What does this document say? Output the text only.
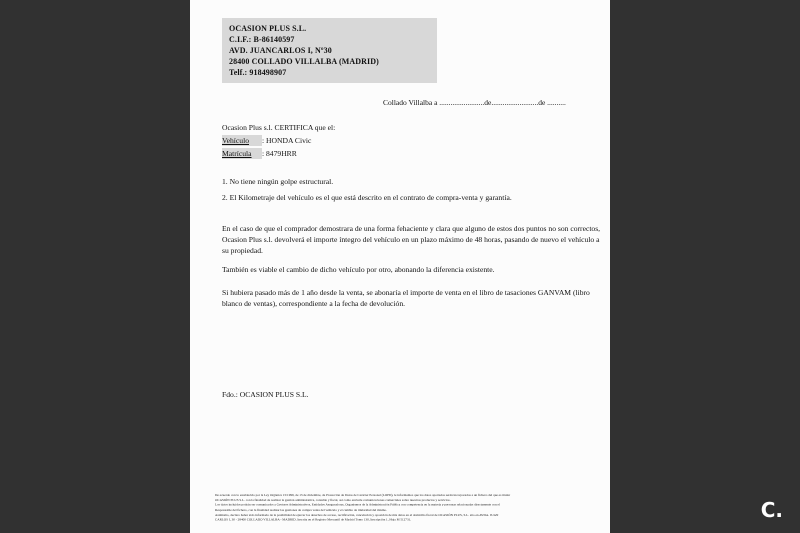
OCASION PLUS S.L.
C.I.F.: B-86140597
AVD. JUANCARLOS I, Nº30
28400 COLLADO VILLALBA (MADRID)
Telf.: 918498907
Collado Villalba a ........................de.........................de ..........
Ocasion Plus s.l. CERTIFICA que el:
Vehículo : HONDA Civic
Matrícula : 8479HRR
1. No tiene ningún golpe estructural.
2. El Kilometraje del vehículo es el que está descrito en el contrato de compra-venta y garantía.
En el caso de que el comprador demostrara de una forma fehaciente y clara que alguno de estos dos puntos no son correctos, Ocasion Plus s.l. devolverá el importe íntegro del vehículo en un plazo máximo de 48 horas, pasando de nuevo el vehículo a su propiedad.
También es viable el cambio de dicho vehículo por otro, abonando la diferencia existente.
Si hubiera pasado más de 1 año desde la venta, se abonaría el importe de venta en el libro de tasaciones GANVAM (libro blanco de ventas), correspondiente a la fecha de devolución.
Fdo.: OCASION PLUS S.L.
De acuerdo con lo establecido por la Ley Orgánica 15/1999, de 13 de diciembre, de Protección de Datos de Carácter Personal (LOPD), le informamos que los datos aportados serán incorporados a un fichero del que es titular
OCASIÓN PLUS S.L. con la finalidad de realizar la gestión administrativa, contable y fiscal, así como enviarle comunicaciones comerciales sobre nuestros productos y servicios.
Los datos incluidos podrán ser comunicados a Gestores Administrativos, Entidades Aseguradoras, Organismos de la Administración Pública con competencia en la materia y personas relacionadas directamente con el
Responsable del fichero, con la finalidad realizar las gestiones de compra venta del vehículo y el cambio de titularidad del mismo.
Asimismo, declaro haber sido informado de la posibilidad de ejercer los derechos de acceso, rectificación, cancelación y oposición de mis datos en el domicilio fiscal de OCASIÓN PLUS, S.L. sito en AVDA. JUAN
CARLOS I, 30 - 28400 COLLADO VILLALBA - MADRID. Inscrita en el Registro Mercantil de Madrid Tomo 130, Inscripción 1, Hoja M 512731.	C.
